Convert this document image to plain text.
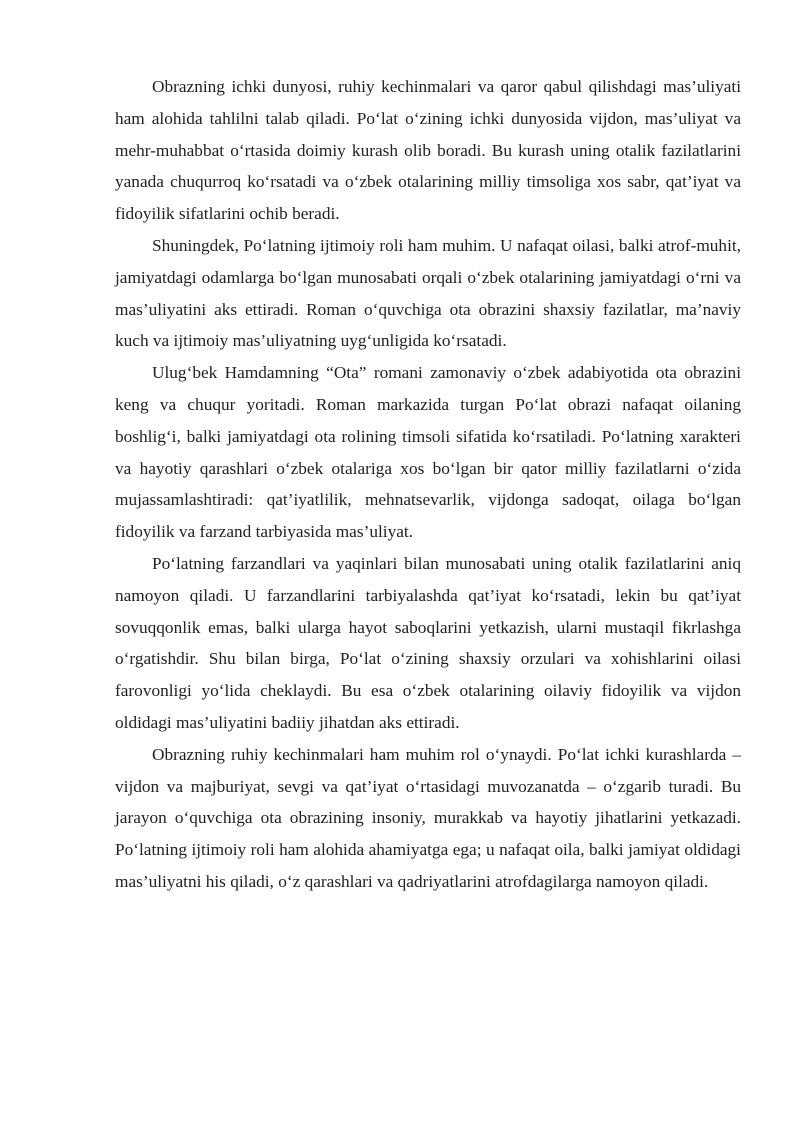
Obrazning ichki dunyosi, ruhiy kechinmalari va qaror qabul qilishdagi mas’uliyati ham alohida tahlilni talab qiladi. Po‘lat o‘zining ichki dunyosida vijdon, mas’uliyat va mehr-muhabbat o‘rtasida doimiy kurash olib boradi. Bu kurash uning otalik fazilatlarini yanada chuqurroq ko‘rsatadi va o‘zbek otalarining milliy timsoliga xos sabr, qat’iyat va fidoyilik sifatlarini ochib beradi.

Shuningdek, Po‘latning ijtimoiy roli ham muhim. U nafaqat oilasi, balki atrof-muhit, jamiyatdagi odamlarga bo‘lgan munosabati orqali o‘zbek otalarining jamiyatdagi o‘rni va mas’uliyatini aks ettiradi. Roman o‘quvchiga ota obrazini shaxsiy fazilatlar, ma’naviy kuch va ijtimoiy mas’uliyatning uyg‘unligida ko‘rsatadi.

Ulug‘bek Hamdamning “Ota” romani zamonaviy o‘zbek adabiyotida ota obrazini keng va chuqur yoritadi. Roman markazida turgan Po‘lat obrazi nafaqat oilaning boshlig‘i, balki jamiyatdagi ota rolining timsoli sifatida ko‘rsatiladi. Po‘latning xarakteri va hayotiy qarashlari o‘zbek otalariga xos bo‘lgan bir qator milliy fazilatlarni o‘zida mujassamlashtiradi: qat’iyatlilik, mehnatsevarlik, vijdonga sadoqat, oilaga bo‘lgan fidoyilik va farzand tarbiyasida mas’uliyat.

Po‘latning farzandlari va yaqinlari bilan munosabati uning otalik fazilatlarini aniq namoyon qiladi. U farzandlarini tarbiyalashda qat’iyat ko‘rsatadi, lekin bu qat’iyat sovuqqonlik emas, balki ularga hayot saboqlarini yetkazish, ularni mustaqil fikrlashga o‘rgatishdir. Shu bilan birga, Po‘lat o‘zining shaxsiy orzulari va xohishlarini oilasi farovonligi yo‘lida cheklaydi. Bu esa o‘zbek otalarining oilaviy fidoyilik va vijdon oldidagi mas’uliyatini badiiy jihatdan aks ettiradi.

Obrazning ruhiy kechinmalari ham muhim rol o‘ynaydi. Po‘lat ichki kurashlarda – vijdon va majburiyat, sevgi va qat’iyat o‘rtasidagi muvozanatda – o‘zgarib turadi. Bu jarayon o‘quvchiga ota obrazining insoniy, murakkab va hayotiy jihatlarini yetkazadi. Po‘latning ijtimoiy roli ham alohida ahamiyatga ega; u nafaqat oila, balki jamiyat oldidagi mas’uliyatni his qiladi, o‘z qarashlari va qadriyatlarini atrofdagilarga namoyon qiladi.
